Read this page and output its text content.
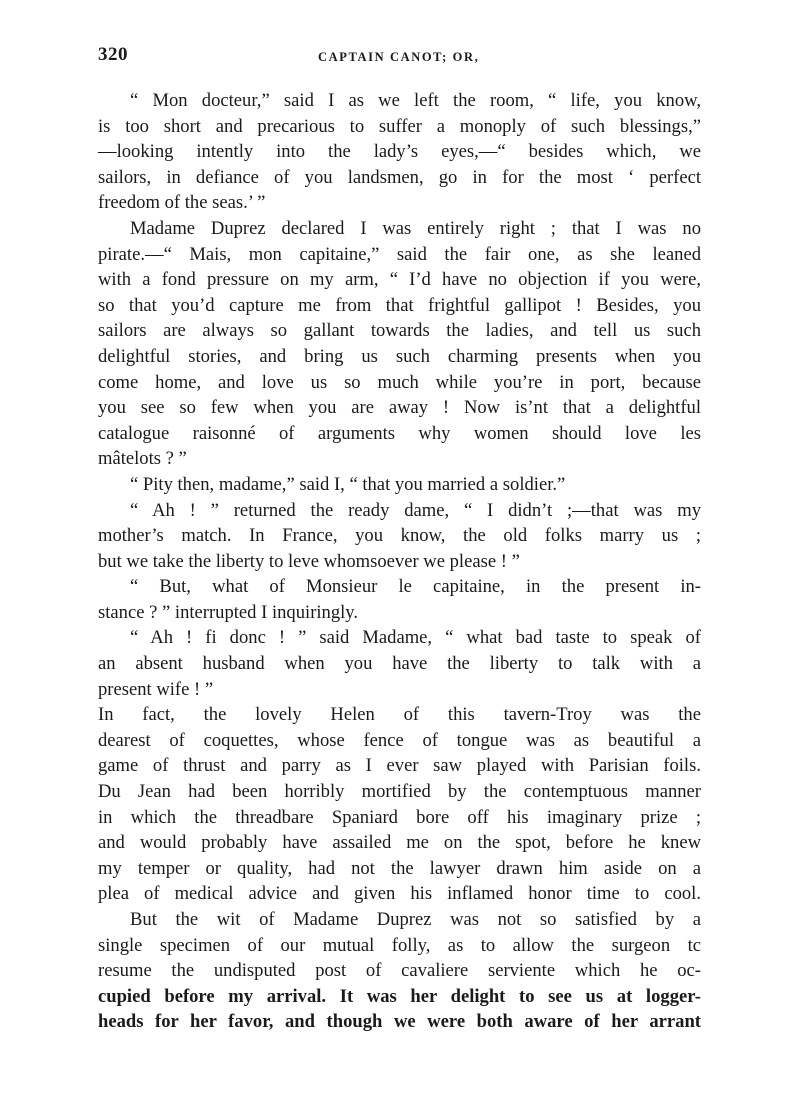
320	CAPTAIN CANOT; OR,
“ Mon docteur,” said I as we left the room, “ life, you know,
is too short and precarious to suffer a monoply of such blessings,”
—looking intently into the lady’s eyes,—“ besides which, we
sailors, in defiance of you landsmen, go in for the most ‘ perfect
freedom of the seas.’ ”
Madame Duprez declared I was entirely right ; that I was no
pirate.—“ Mais, mon capitaine,” said the fair one, as she leaned
with a fond pressure on my arm, “ I’d have no objection if you were,
so that you’d capture me from that frightful gallipot ! Besides, you
sailors are always so gallant towards the ladies, and tell us such
delightful stories, and bring us such charming presents when you
come home, and love us so much while you’re in port, because
you see so few when you are away ! Now is’nt that a delightful
catalogue raisonné of arguments why women should love les
mâtelots ? ”
“ Pity then, madame,” said I, “ that you married a soldier.”
“ Ah ! ” returned the ready dame, “ I didn’t ;—that was my
mother’s match. In France, you know, the old folks marry us ;
but we take the liberty to leve whomsoever we please ! ”
“ But, what of Monsieur le capitaine, in the present in-
stance ? ” interrupted I inquiringly.
“ Ah ! fi donc ! ” said Madame, “ what bad taste to speak of
an absent husband when you have the liberty to talk with a
present wife ! ”
In fact, the lovely Helen of this tavern-Troy was the
dearest of coquettes, whose fence of tongue was as beautiful a
game of thrust and parry as I ever saw played with Parisian foils.
Du Jean had been horribly mortified by the contemptuous manner
in which the threadbare Spaniard bore off his imaginary prize ;
and would probably have assailed me on the spot, before he knew
my temper or quality, had not the lawyer drawn him aside on a
plea of medical advice and given his inflamed honor time to cool.
But the wit of Madame Duprez was not so satisfied by a
single specimen of our mutual folly, as to allow the surgeon tc
resume the undisputed post of cavaliere serviente which he oc-
cupied before my arrival. It was her delight to see us at logger-
heads for her favor, and though we were both aware of her arrant
